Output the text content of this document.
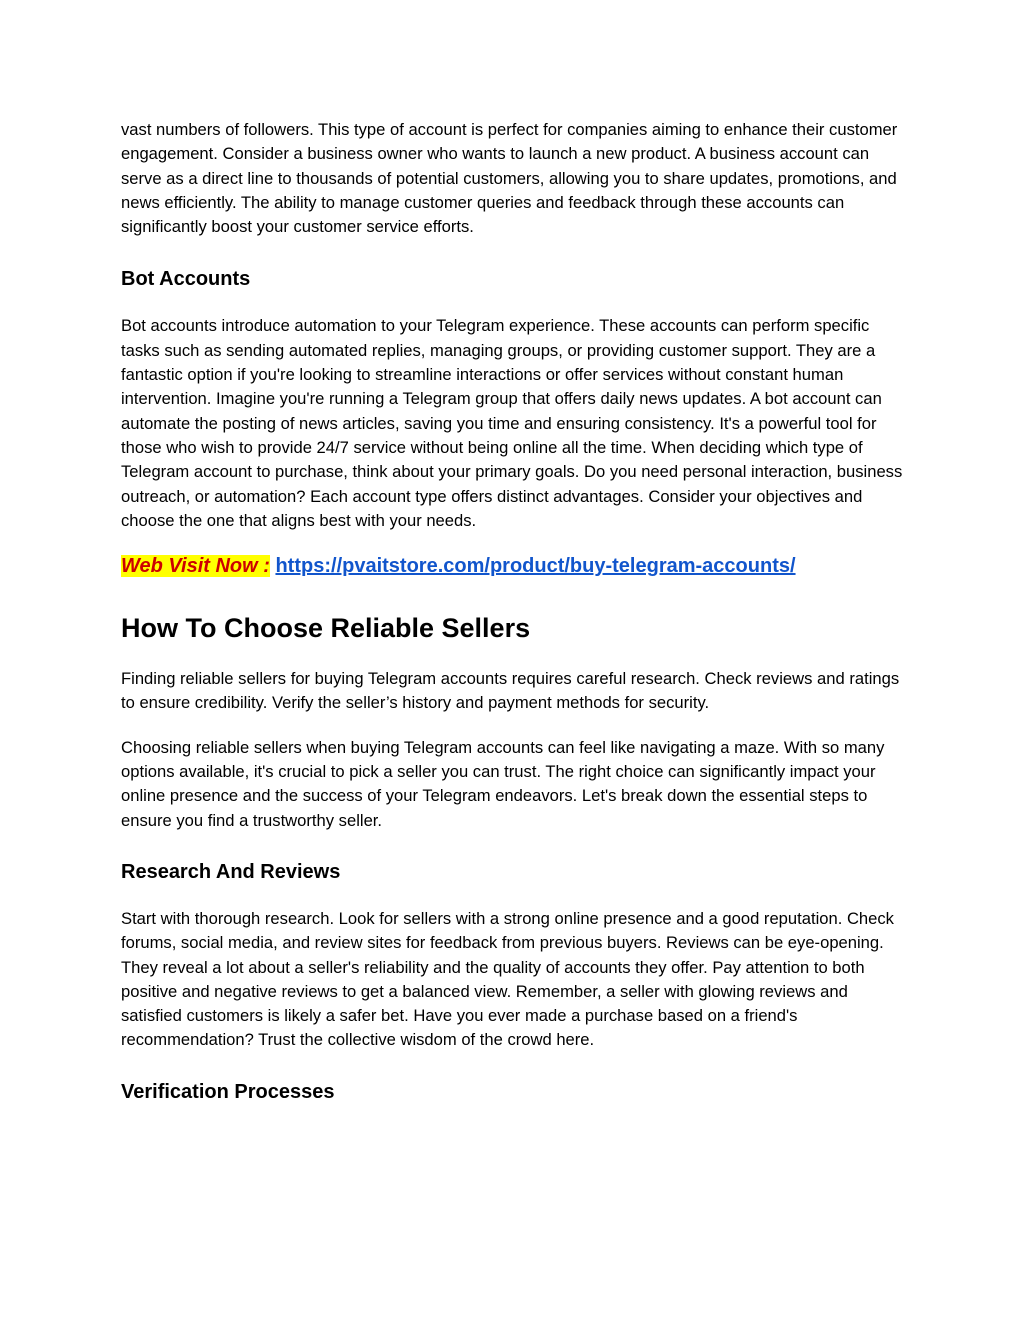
vast numbers of followers. This type of account is perfect for companies aiming to enhance their customer engagement. Consider a business owner who wants to launch a new product. A business account can serve as a direct line to thousands of potential customers, allowing you to share updates, promotions, and news efficiently. The ability to manage customer queries and feedback through these accounts can significantly boost your customer service efforts.

Bot Accounts

Bot accounts introduce automation to your Telegram experience. These accounts can perform specific tasks such as sending automated replies, managing groups, or providing customer support. They are a fantastic option if you're looking to streamline interactions or offer services without constant human intervention. Imagine you're running a Telegram group that offers daily news updates. A bot account can automate the posting of news articles, saving you time and ensuring consistency. It's a powerful tool for those who wish to provide 24/7 service without being online all the time. When deciding which type of Telegram account to purchase, think about your primary goals. Do you need personal interaction, business outreach, or automation? Each account type offers distinct advantages. Consider your objectives and choose the one that aligns best with your needs.

Web Visit Now : https://pvaitstore.com/product/buy-telegram-accounts/
How To Choose Reliable Sellers

Finding reliable sellers for buying Telegram accounts requires careful research. Check reviews and ratings to ensure credibility. Verify the seller’s history and payment methods for security.

Choosing reliable sellers when buying Telegram accounts can feel like navigating a maze. With so many options available, it's crucial to pick a seller you can trust. The right choice can significantly impact your online presence and the success of your Telegram endeavors. Let's break down the essential steps to ensure you find a trustworthy seller.

Research And Reviews

Start with thorough research. Look for sellers with a strong online presence and a good reputation. Check forums, social media, and review sites for feedback from previous buyers. Reviews can be eye-opening. They reveal a lot about a seller's reliability and the quality of accounts they offer. Pay attention to both positive and negative reviews to get a balanced view. Remember, a seller with glowing reviews and satisfied customers is likely a safer bet. Have you ever made a purchase based on a friend's recommendation? Trust the collective wisdom of the crowd here.

Verification Processes
